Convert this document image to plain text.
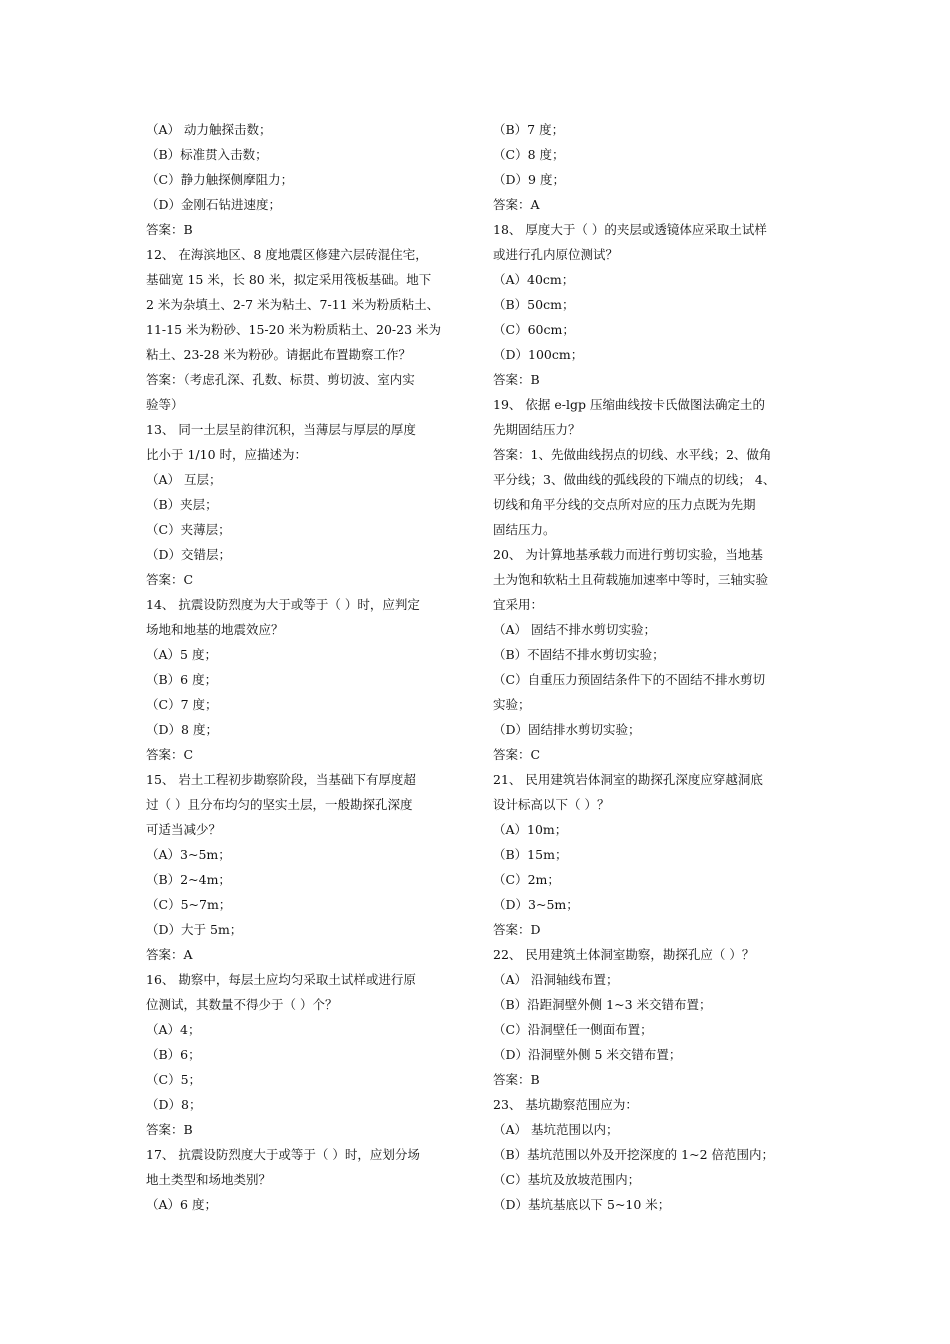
（A） 动力触探击数；
（B）标准贯入击数；
（C）静力触探侧摩阻力；
（D）金刚石钻进速度；
答案：B
12、 在海滨地区、8 度地震区修建六层砖混住宅，
基础宽 15 米，长 80 米，拟定采用筏板基础。地下
2 米为杂填土、2-7 米为粘土、7-11 米为粉质粘土、
11-15 米为粉砂、15-20 米为粉质粘土、20-23 米为
粘土、23-28 米为粉砂。请据此布置勘察工作？
答案：（考虑孔深、孔数、标贯、剪切波、室内实
验等）
13、 同一土层呈韵律沉积，当薄层与厚层的厚度
比小于 1/10 时，应描述为：
（A） 互层；
（B）夹层；
（C）夹薄层；
（D）交错层；
答案：C
14、 抗震设防烈度为大于或等于（ ）时，应判定
场地和地基的地震效应？
（A）5 度；
（B）6 度；
（C）7 度；
（D）8 度；
答案：C
15、 岩土工程初步勘察阶段，当基础下有厚度超
过（ ）且分布均匀的坚实土层，一般勘探孔深度
可适当减少？
（A）3~5m；
（B）2~4m；
（C）5~7m；
（D）大于 5m；
答案：A
16、 勘察中，每层土应均匀采取土试样或进行原
位测试，其数量不得少于（ ）个？
（A）4；
（B）6；
（C）5；
（D）8；
答案：B
17、 抗震设防烈度大于或等于（ ）时，应划分场
地土类型和场地类别？
（A）6 度；
（B）7 度；
（C）8 度；
（D）9 度；
答案：A
18、 厚度大于（ ）的夹层或透镜体应采取土试样
或进行孔内原位测试？
（A）40cm；
（B）50cm；
（C）60cm；
（D）100cm；
答案：B
19、 依据 e-lgp 压缩曲线按卡氏做图法确定土的
先期固结压力？
答案：1、先做曲线拐点的切线、水平线；2、做角
平分线；3、做曲线的弧线段的下端点的切线； 4、
切线和角平分线的交点所对应的压力点既为先期
固结压力。
20、 为计算地基承载力而进行剪切实验，当地基
土为饱和软粘土且荷载施加速率中等时，三轴实验
宜采用：
（A） 固结不排水剪切实验；
（B）不固结不排水剪切实验；
（C）自重压力预固结条件下的不固结不排水剪切
实验；
（D）固结排水剪切实验；
答案：C
21、 民用建筑岩体洞室的勘探孔深度应穿越洞底
设计标高以下（ ）？
（A）10m；
（B）15m；
（C）2m；
（D）3~5m；
答案：D
22、 民用建筑土体洞室勘察，勘探孔应（ ）？
（A） 沿洞轴线布置；
（B）沿距洞壁外侧 1~3 米交错布置；
（C）沿洞壁任一侧面布置；
（D）沿洞壁外侧 5 米交错布置；
答案：B
23、 基坑勘察范围应为：
（A） 基坑范围以内；
（B）基坑范围以外及开挖深度的 1~2 倍范围内；
（C）基坑及放坡范围内；
（D）基坑基底以下 5~10 米；
